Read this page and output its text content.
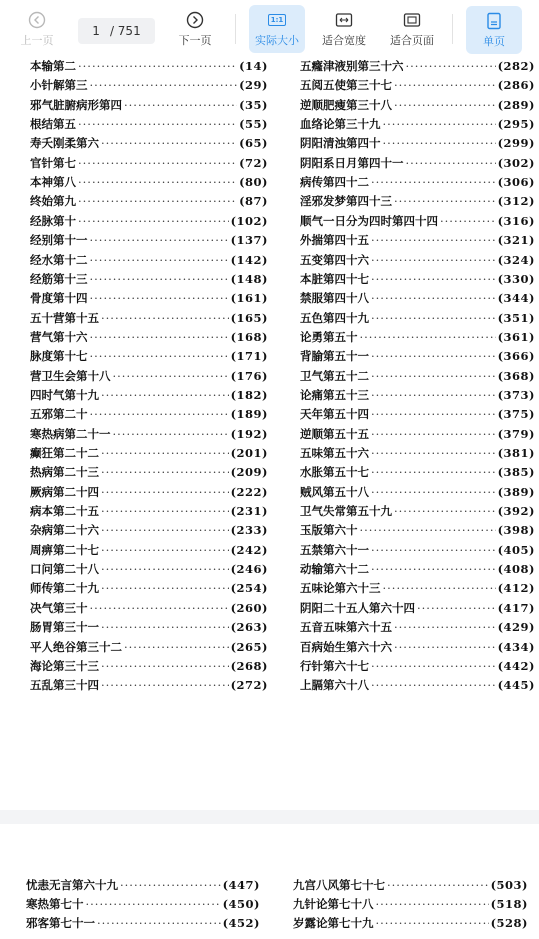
上一页
1 / 751
下一页
1:1
实际大小 适合宽度 适合页面	单页
本输第二 ·····	(14)
小针解第三 ·····	(29)
邪气脏腑病形第四 ·····	(35)
根结第五 ·····	(55)
寿夭刚柔第六 ·····	(65)
官针第七 ·····	(72)
本神第八 ·····	(80)
终始第九 ·····	(87)
经脉第十 ·····	(102)
经别第十一 ·····	(137)
经水第十二 ·····	(142)
经筋第十三 ·····	(148)
骨度第十四 ·····	(161)
五十营第十五 ·····	(165)
营气第十六 ·····	(168)
脉度第十七 ·····	(171)
营卫生会第十八 ·····	(176)
四时气第十九 ·····	(182)
五邪第二十 ·····	(189)
寒热病第二十一 ·····	(192)
癫狂第二十二 ·····	(201)
热病第二十三 ·····	(209)
厥病第二十四 ·····	(222)
病本第二十五 ·····	(231)
杂病第二十六 ·····	(233)
周痹第二十七 ·····	(242)
口问第二十八 ·····	(246)
师传第二十九 ·····	(254)
决气第三十 ·····	(260)
肠胃第三十一 ·····	(263)
平人绝谷第三十二 ·····	(265)
海论第三十三 ·····	(268)
五乱第三十四 ·····	(272)
五癃津液别第三十六 ·····	(282)
五阅五使第三十七 ·····	(286)
逆顺肥瘦第三十八 ·····	(289)
血络论第三十九 ·····	(295)
阴阳清浊第四十 ·····	(299)
阴阳系日月第四十一 ·····	(302)
病传第四十二 ·····	(306)
淫邪发梦第四十三 ·····	(312)
顺气一日分为四时第四十四 ·····	(316)
外揣第四十五 ·····	(321)
五变第四十六 ·····	(324)
本脏第四十七 ·····	(330)
禁服第四十八 ·····	(344)
五色第四十九 ·····	(351)
论勇第五十 ·····	(361)
背腧第五十一 ·····	(366)
卫气第五十二 ·····	(368)
论痛第五十三 ·····	(373)
天年第五十四 ·····	(375)
逆顺第五十五 ·····	(379)
五味第五十六 ·····	(381)
水胀第五十七 ·····	(385)
贼风第五十八 ·····	(389)
卫气失常第五十九 ·····	(392)
玉版第六十 ·····	(398)
五禁第六十一 ·····	(405)
动输第六十二 ·····	(408)
五味论第六十三 ·····	(412)
阴阳二十五人第六十四 ·····	(417)
五音五味第六十五 ·····	(429)
百病始生第六十六 ·····	(434)
行针第六十七 ·····	(442)
上膈第六十八 ·····	(445)
忧恚无言第六十九 ·····	(447)
寒热第七十 ·····	(450)
邪客第七十一 ·····	(452)
九宫八风第七十七 ·····	(503)
九针论第七十八 ·····	(518)
岁露论第七十九 ·····	(528)
